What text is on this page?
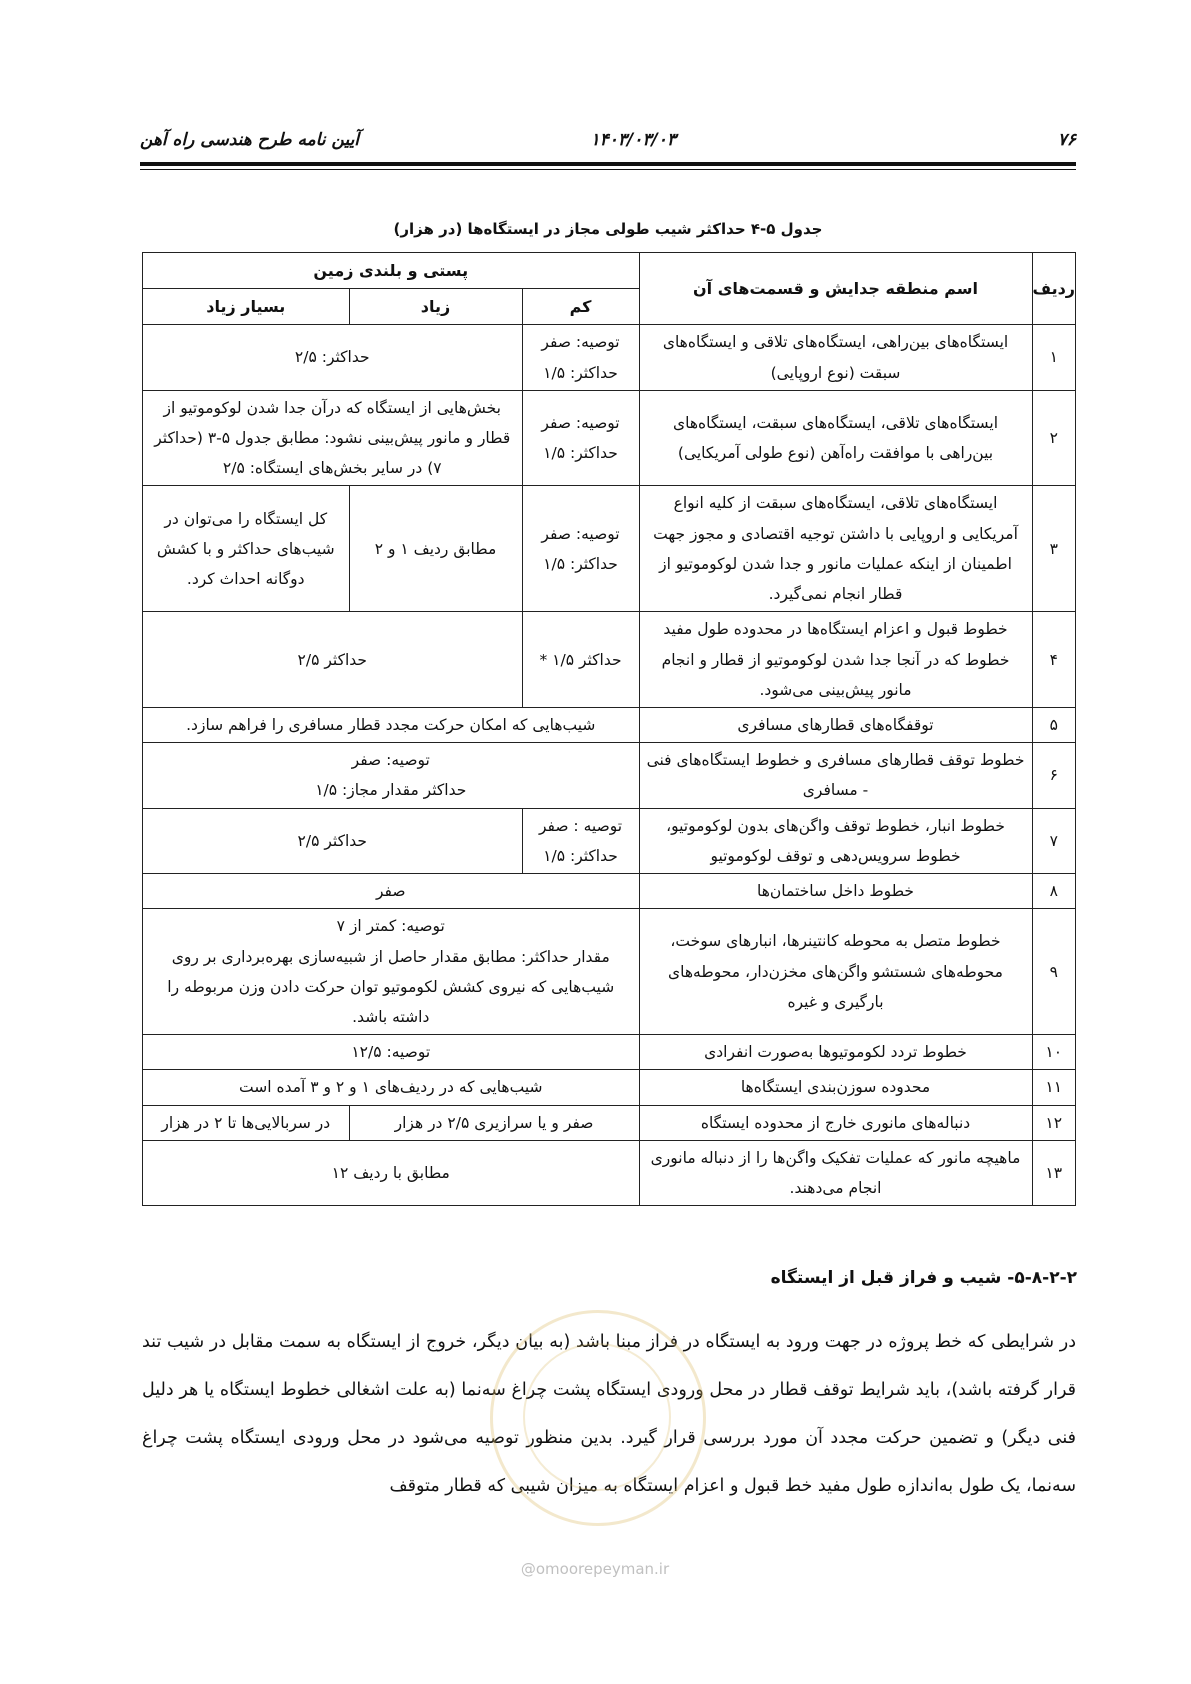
۷۶
۱۴۰۳/۰۳/۰۳
آیین نامه طرح هندسی راه آهن
جدول ۵-۴ حداکثر شیب طولی مجاز در ایستگاه‌ها (در هزار)
ردیف	اسم منطقه جدایش و قسمت‌های آن	پستی و بلندی زمین		
		کم	زیاد	بسیار زیاد
۱	ایستگاه‌های بین‌راهی، ایستگاه‌های تلاقی و ایستگاه‌های سبقت (نوع اروپایی)	توصیه: صفر
حداکثر: ۱/۵	حداکثر: ۲/۵	
۲	ایستگاه‌های تلاقی، ایستگاه‌های سبقت، ایستگاه‌های بین‌راهی با موافقت راه‌آهن (نوع طولی آمریکایی)	توصیه: صفر
حداکثر: ۱/۵	بخش‌هایی از ایستگاه که درآن جدا شدن لوکوموتیو از قطار و مانور پیش‌بینی نشود: مطابق جدول ۵-۳ (حداکثر ۷) در سایر بخش‌های ایستگاه: ۲/۵	
۳	ایستگاه‌های تلاقی، ایستگاه‌های سبقت از کلیه انواع آمریکایی و اروپایی با داشتن توجیه اقتصادی و مجوز جهت اطمینان از اینکه عملیات مانور و جدا شدن لوکوموتیو از قطار انجام نمی‌گیرد.	توصیه: صفر
حداکثر: ۱/۵	مطابق ردیف ۱ و ۲	کل ایستگاه را می‌توان در شیب‌های حداکثر و با کشش دوگانه احداث کرد.
۴	خطوط قبول و اعزام ایستگاه‌ها در محدوده طول مفید خطوط که در آنجا جدا شدن لوکوموتیو از قطار و انجام مانور پیش‌بینی می‌شود.	حداکثر ۱/۵ *	حداکثر ۲/۵	
۵	توقفگاه‌های قطارهای مسافری	شیب‌هایی که امکان حرکت مجدد قطار مسافری را فراهم سازد.		
۶	خطوط توقف قطارهای مسافری و خطوط ایستگاه‌های فنی - مسافری	توصیه: صفر
حداکثر مقدار مجاز: ۱/۵		
۷	خطوط انبار، خطوط توقف واگن‌های بدون لوکوموتیو، خطوط سرویس‌دهی و توقف لوکوموتیو	توصیه : صفر
حداکثر: ۱/۵	حداکثر ۲/۵	
۸	خطوط داخل ساختمان‌ها	صفر		
۹	خطوط متصل به محوطه کانتینرها، انبارهای سوخت، محوطه‌های شستشو واگن‌های مخزن‌دار، محوطه‌های بارگیری و غیره	توصیه: کمتر از ۷
مقدار حداکثر: مطابق مقدار حاصل از شبیه‌سازی بهره‌برداری بر روی شیب‌هایی که نیروی کشش لکوموتیو توان حرکت دادن وزن مربوطه را داشته باشد.		
۱۰	خطوط تردد لکوموتیوها به‌صورت انفرادی	توصیه: ۱۲/۵		
۱۱	محدوده سوزن‌بندی ایستگاه‌ها	شیب‌هایی که در ردیف‌های ۱ و ۲ و ۳ آمده است		
۱۲	دنباله‌های مانوری خارج از محدوده ایستگاه	صفر و یا سرازیری ۲/۵ در هزار		در سربالایی‌ها تا ۲ در هزار
۱۳	ماهیچه مانور که عملیات تفکیک واگن‌ها را از دنباله مانوری انجام می‌دهند.	مطابق با ردیف ۱۲		
۵-۸-۲-۲- شیب و فراز قبل از ایستگاه
در شرایطی که خط پروژه در جهت ورود به ایستگاه در فراز مبنا باشد (به بیان دیگر، خروج از ایستگاه به سمت مقابل در شیب تند قرار گرفته باشد)، باید شرایط توقف قطار در محل ورودی ایستگاه پشت چراغ سه‌نما (به علت اشغالی خطوط ایستگاه یا هر دلیل فنی دیگر) و تضمین حرکت مجدد آن مورد بررسی قرار گیرد. بدین منظور توصیه می‌شود در محل ورودی ایستگاه پشت چراغ سه‌نما، یک طول به‌اندازه طول مفید خط قبول و اعزام ایستگاه به میزان شیبی که قطار متوقف
@omoorepeyman.ir
